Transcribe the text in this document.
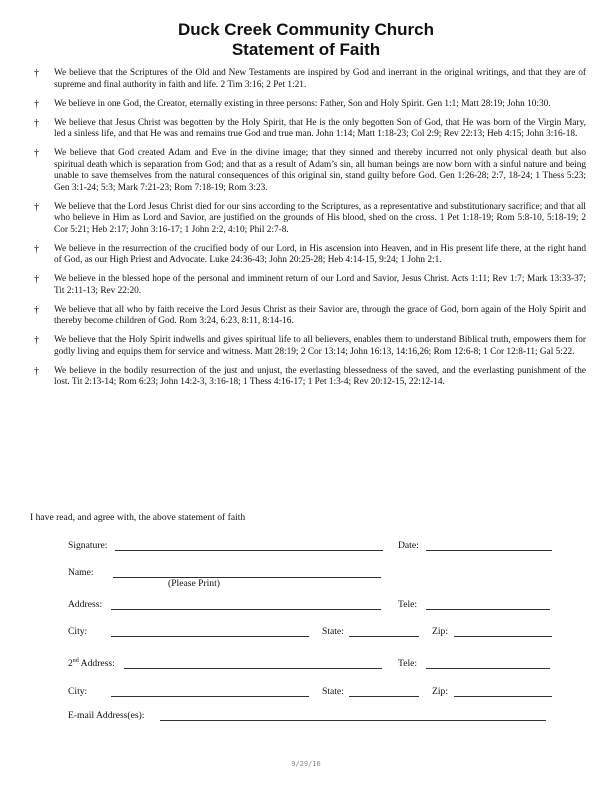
Duck Creek Community Church
Statement of Faith
† We believe that the Scriptures of the Old and New Testaments are inspired by God and inerrant in the original writings, and that they are of supreme and final authority in faith and life. 2 Tim 3:16; 2 Pet 1:21.
† We believe in one God, the Creator, eternally existing in three persons: Father, Son and Holy Spirit. Gen 1:1; Matt 28:19; John 10:30.
† We believe that Jesus Christ was begotten by the Holy Spirit, that He is the only begotten Son of God, that He was born of the Virgin Mary, led a sinless life, and that He was and remains true God and true man. John 1:14; Matt 1:18-23; Col 2:9; Rev 22:13; Heb 4:15; John 3:16-18.
† We believe that God created Adam and Eve in the divine image; that they sinned and thereby incurred not only physical death but also spiritual death which is separation from God; and that as a result of Adam’s sin, all human beings are now born with a sinful nature and being unable to save themselves from the natural consequences of this original sin, stand guilty before God. Gen 1:26-28; 2:7, 18-24; 1 Thess 5:23; Gen 3:1-24; 5:3; Mark 7:21-23; Rom 7:18-19; Rom 3:23.
† We believe that the Lord Jesus Christ died for our sins according to the Scriptures, as a representative and substitutionary sacrifice; and that all who believe in Him as Lord and Savior, are justified on the grounds of His blood, shed on the cross. 1 Pet 1:18-19; Rom 5:8-10, 5:18-19; 2 Cor 5:21; Heb 2:17; John 3:16-17; 1 John 2:2, 4:10; Phil 2:7-8.
† We believe in the resurrection of the crucified body of our Lord, in His ascension into Heaven, and in His present life there, at the right hand of God, as our High Priest and Advocate. Luke 24:36-43; John 20:25-28; Heb 4:14-15, 9:24; 1 John 2:1.
† We believe in the blessed hope of the personal and imminent return of our Lord and Savior, Jesus Christ. Acts 1:11; Rev 1:7; Mark 13:33-37; Tit 2:11-13; Rev 22:20.
† We believe that all who by faith receive the Lord Jesus Christ as their Savior are, through the grace of God, born again of the Holy Spirit and thereby become children of God. Rom 3:24, 6:23, 8:11, 8:14-16.
† We believe that the Holy Spirit indwells and gives spiritual life to all believers, enables them to understand Biblical truth, empowers them for godly living and equips them for service and witness. Matt 28:19; 2 Cor 13:14; John 16:13, 14:16,26; Rom 12:6-8; 1 Cor 12:8-11; Gal 5:22.
† We believe in the bodily resurrection of the just and unjust, the everlasting blessedness of the saved, and the everlasting punishment of the lost. Tit 2:13-14; Rom 6:23; John 14:2-3, 3:16-18; 1 Thess 4:16-17; 1 Pet 1:3-4; Rev 20:12-15, 22:12-14.
I have read, and agree with, the above statement of faith
Signature:	Date:
Name:
(Please Print)
Address:	Tele:
City:	State:	Zip:
2nd Address:	Tele:
City:	State:	Zip:
E-mail Address(es):
9/29/16
